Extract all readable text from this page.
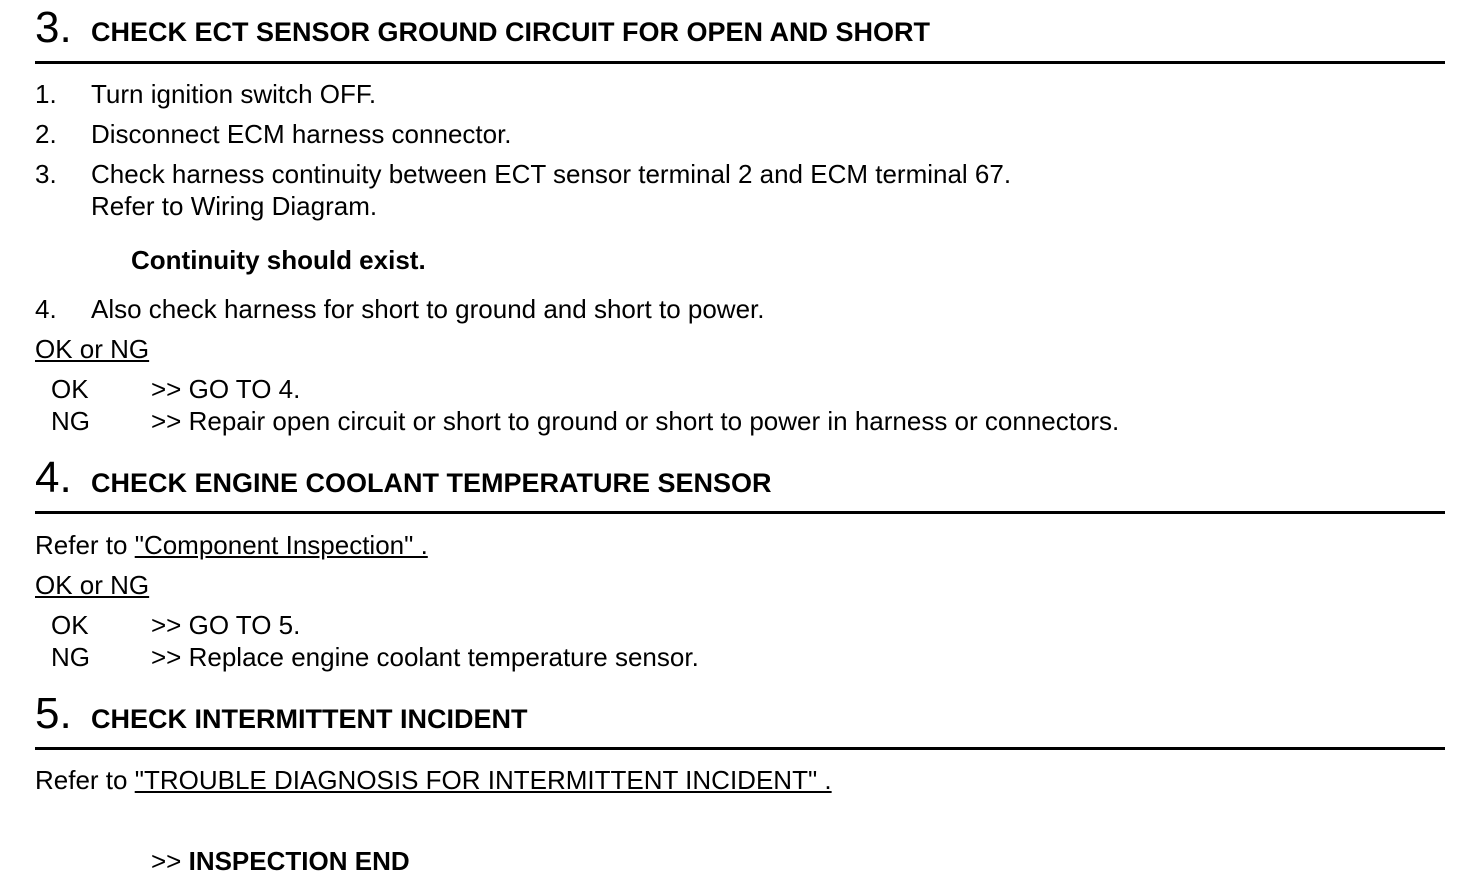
3. CHECK ECT SENSOR GROUND CIRCUIT FOR OPEN AND SHORT
1. Turn ignition switch OFF.
2. Disconnect ECM harness connector.
3. Check harness continuity between ECT sensor terminal 2 and ECM terminal 67.
Refer to Wiring Diagram.
Continuity should exist.
4. Also check harness for short to ground and short to power.
OK or NG
OK >> GO TO 4.
NG >> Repair open circuit or short to ground or short to power in harness or connectors.
4. CHECK ENGINE COOLANT TEMPERATURE SENSOR
Refer to "Component Inspection" .
OK or NG
OK >> GO TO 5.
NG >> Replace engine coolant temperature sensor.
5. CHECK INTERMITTENT INCIDENT
Refer to "TROUBLE DIAGNOSIS FOR INTERMITTENT INCIDENT" .
>> INSPECTION END
